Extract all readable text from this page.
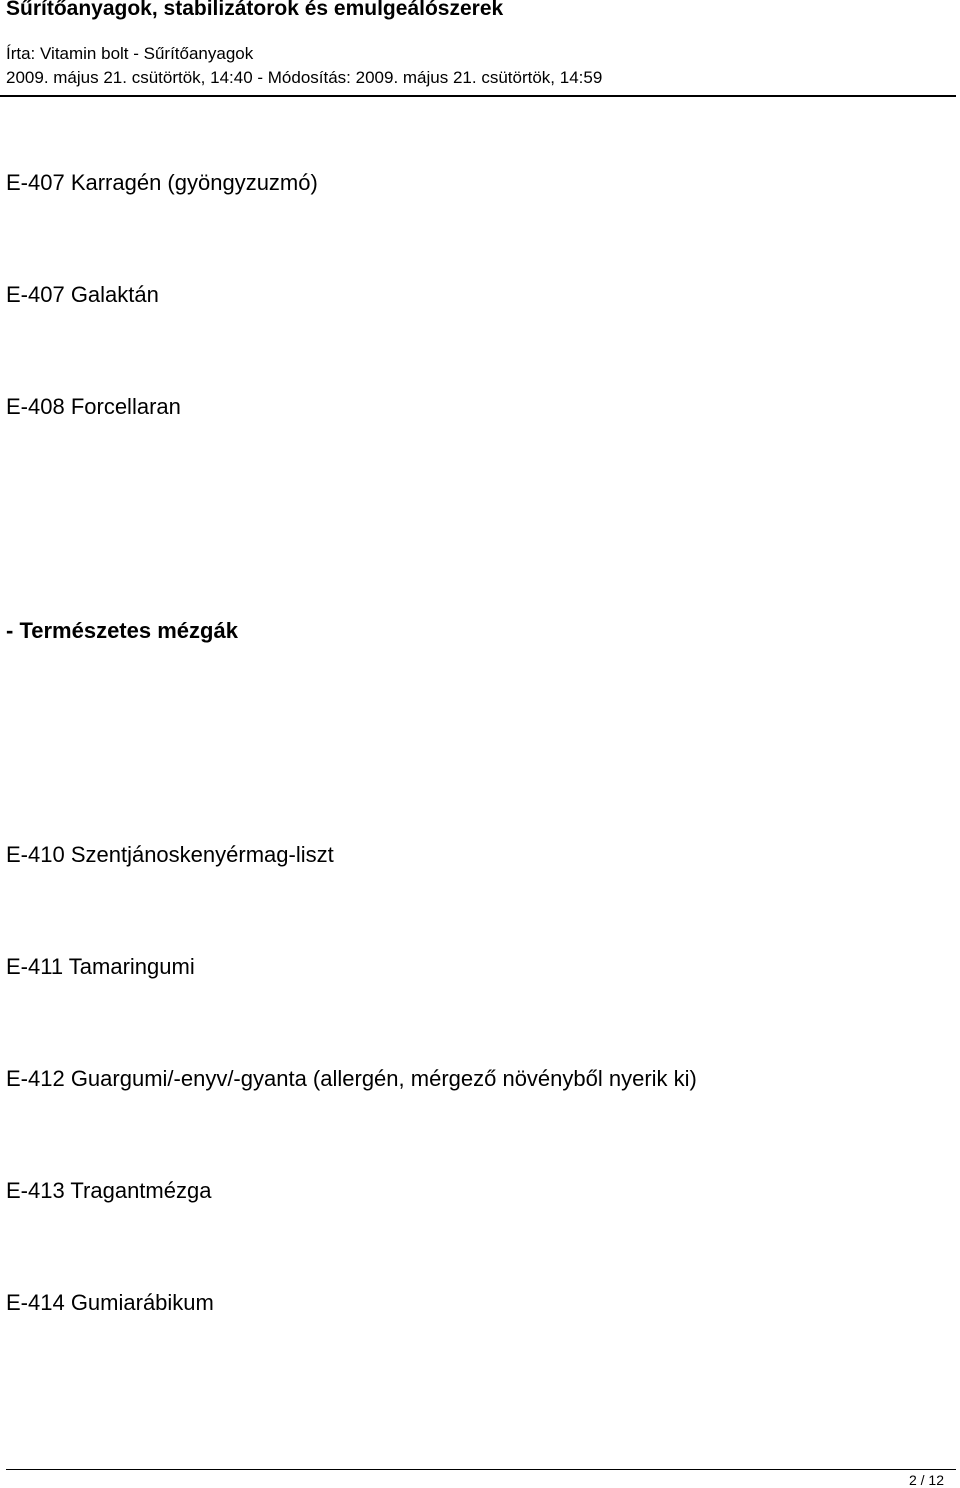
Sűrítőanyagok, stabilizátorok és emulgeálószerek
Írta: Vitamin bolt - Sűrítőanyagok
2009. május 21. csütörtök, 14:40 - Módosítás: 2009. május 21. csütörtök, 14:59
E-407 Karragén (gyöngyzuzmó)
E-407 Galaktán
E-408 Forcellaran
- Természetes mézgák
E-410 Szentjánoskenyérmag-liszt
E-411 Tamaringumi
E-412 Guargumi/-enyv/-gyanta (allergén, mérgező növényből nyerik ki)
E-413 Tragantmézga
E-414 Gumiarábikum
2 / 12
